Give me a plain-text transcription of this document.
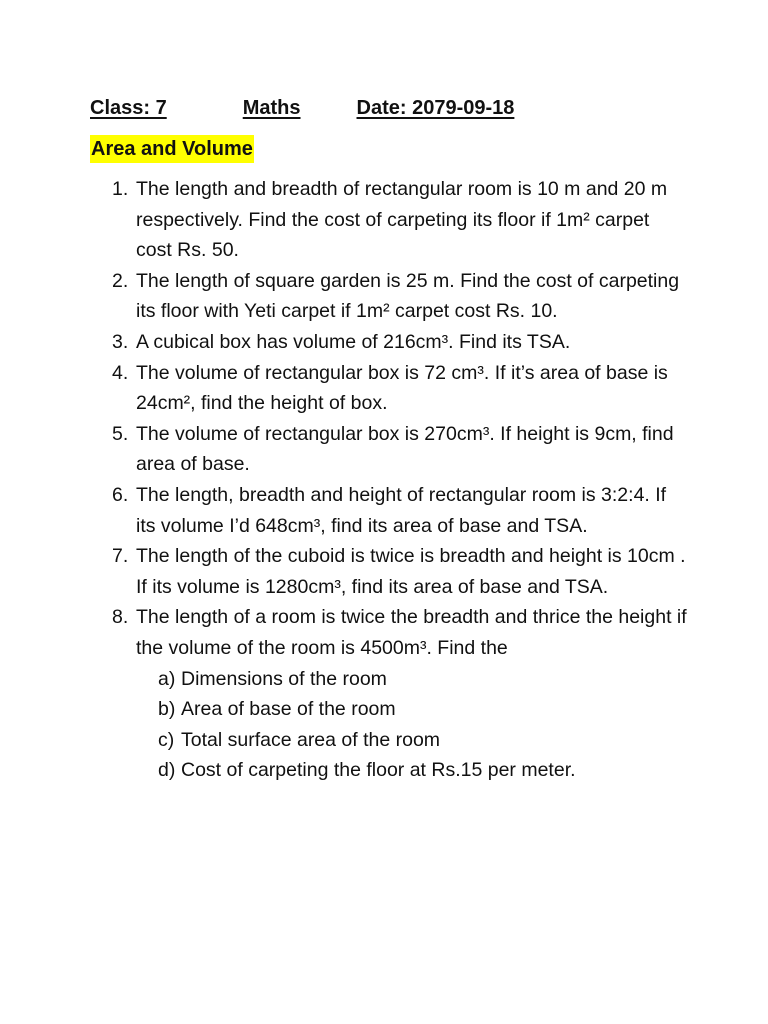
Class: 7	Maths	Date: 2079-09-18
Area and Volume
1. The length and breadth of rectangular room is 10 m and 20 m respectively. Find the cost of carpeting its floor if 1m² carpet cost Rs. 50.
2. The length of square garden is 25 m. Find the cost of carpeting its floor with Yeti carpet if 1m² carpet cost Rs. 10.
3. A cubical box has volume of 216cm³. Find its TSA.
4. The volume of rectangular box is 72 cm³. If it’s area of base is 24cm², find the height of box.
5. The volume of rectangular box is 270cm³. If height is 9cm, find area of base.
6. The length, breadth and height of rectangular room is 3:2:4. If its volume I’d 648cm³, find its area of base and TSA.
7. The length of the cuboid is twice is breadth and height is 10cm . If its volume is 1280cm³, find its area of base and TSA.
8. The length of a room is twice the breadth and thrice the height if the volume of the room is 4500m³. Find the
a) Dimensions of the room
b) Area of base of the room
c) Total surface area of the room
d) Cost of carpeting the floor at Rs.15 per meter.
